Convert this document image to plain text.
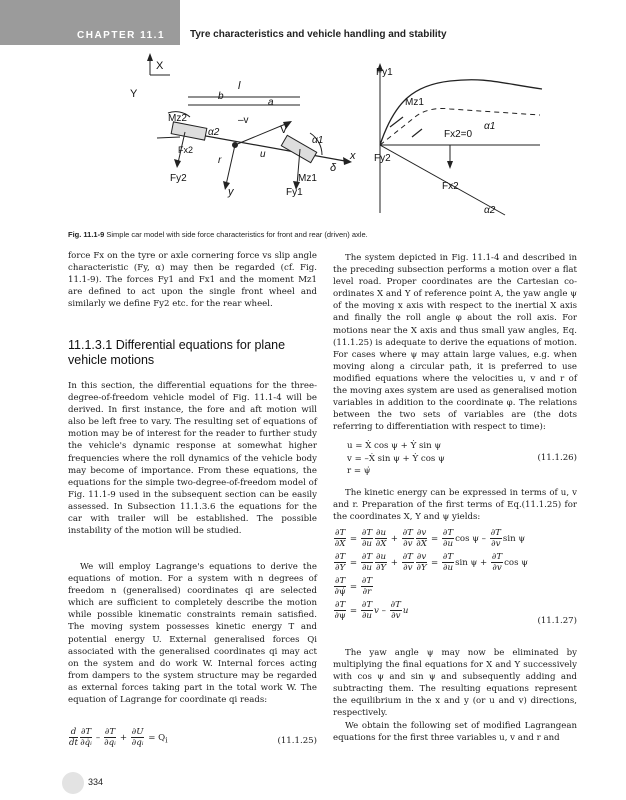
CHAPTER 11.1 Tyre characteristics and vehicle handling and stability
X
Y
l
b
a
–v
V
Mz2
α2
Fx2
r
u
α1
x
Fy2	Mz1
δ
y	Fy1
Fy1
Mz1
Fx2=0
α1
Fy2
Fx2
α2
Fig. 11.1-9 Simple car model with side force characteristics for front and rear (driven) axle.

force Fx on the tyre or axle cornering force vs slip angle characteristic (Fy, α) may then be regarded (cf. Fig. 11.1-9). The forces Fy1 and Fx1 and the moment Mz1 are defined to act upon the single front wheel and similarly we define Fy2 etc. for the rear wheel.

11.1.3.1 Differential equations for plane vehicle motions

In this section, the differential equations for the three-degree-of-freedom vehicle model of Fig. 11.1-4 will be derived. In first instance, the fore and aft motion will also be left free to vary. The resulting set of equations of motion may be of interest for the reader to further study the vehicle's dynamic response at somewhat higher frequencies where the roll dynamics of the vehicle body may become of importance. From these equations, the equations for the simple two-degree-of-freedom model of Fig. 11.1-9 used in the subsequent section can be easily assessed. In Subsection 11.1.3.6 the equations for the car with trailer will be established. The possible instability of the motion will be studied.

We will employ Lagrange's equations to derive the equations of motion. For a system with n degrees of freedom n (generalised) coordinates qi are selected which are sufficient to completely describe the motion while possible kinematic constraints remain satisfied. The moving system possesses kinetic energy T and potential energy U. External generalised forces Qi associated with the generalised coordinates qi may act on the system and do work W. Internal forces acting from dampers to the system structure may be regarded as external forces taking part in the total work W. The equation of Lagrange for coordinate qi reads:

$\frac{d}{dt} \frac{\partial T}{\text{∂q̇ᵢ}} - \frac{\partial T}{\text{∂qᵢ}} + \frac{\partial U}{\text{∂qᵢ}} = Q_i$	(11.1.25)
334

The system depicted in Fig. 11.1-4 and described in the preceding subsection performs a motion over a flat level road. Proper coordinates are the Cartesian co-ordinates X and Y of reference point A, the yaw angle ψ of the moving x axis with respect to the inertial X axis and finally the roll angle φ about the roll axis. For motions near the X axis and thus small yaw angles, Eq.(11.1.25) is adequate to derive the equations of motion. For cases where ψ may attain large values, e.g. when moving along a circular path, it is preferred to use modified equations where the velocities u, v and r of the moving axes system are used as generalised motion variables in addition to the coordinate φ. The relations between the two sets of variables are (the dots referring to differentiation with respect to time):

u = Ẋ cos ψ + Ẏ sin ψ
v = –Ẋ sin ψ + Ẏ cos ψ
r = ψ̇
(11.1.26)

The kinetic energy can be expressed in terms of u, v and r. Preparation of the first terms of Eq.(11.1.25) for the coordinates X, Y and ψ yields:

$\frac{\partial T}{\partial X} = \frac{\partial T}{\partial u} \frac{\partial u}{\partial X} + \frac{\partial T}{\partial v} \frac{\partial v}{\partial X} = \frac{\partial T}{\partial u}$ cos ψ – $\frac{\partial T}{\partial v}$ sin ψ
$\frac{\partial T}{\partial Y} = \frac{\partial T}{\partial u} \frac{\partial u}{\partial Y} + \frac{\partial T}{\partial v} \frac{\partial v}{\partial Y} = \frac{\partial T}{\partial u}$ $\sin \psi + \frac{\partial T}{\partial v}$ cos ψ
$\frac{\partial T}{\partial\psi̇} = \frac{\partial T}{\partial r}$
$\frac{\partial T}{\partial\psi} = \frac{\partial T}{\partial u}$ v – $\frac{\partial T}{\partial v}$ u
(11.1.27)

The yaw angle ψ may now be eliminated by multiplying the final equations for X and Y successively with cos ψ and sin ψ and subsequently adding and subtracting them. The resulting equations represent the equilibrium in the x and y (or u and v) directions, respectively.

We obtain the following set of modified Lagrangean equations for the first three variables u, v and r and
